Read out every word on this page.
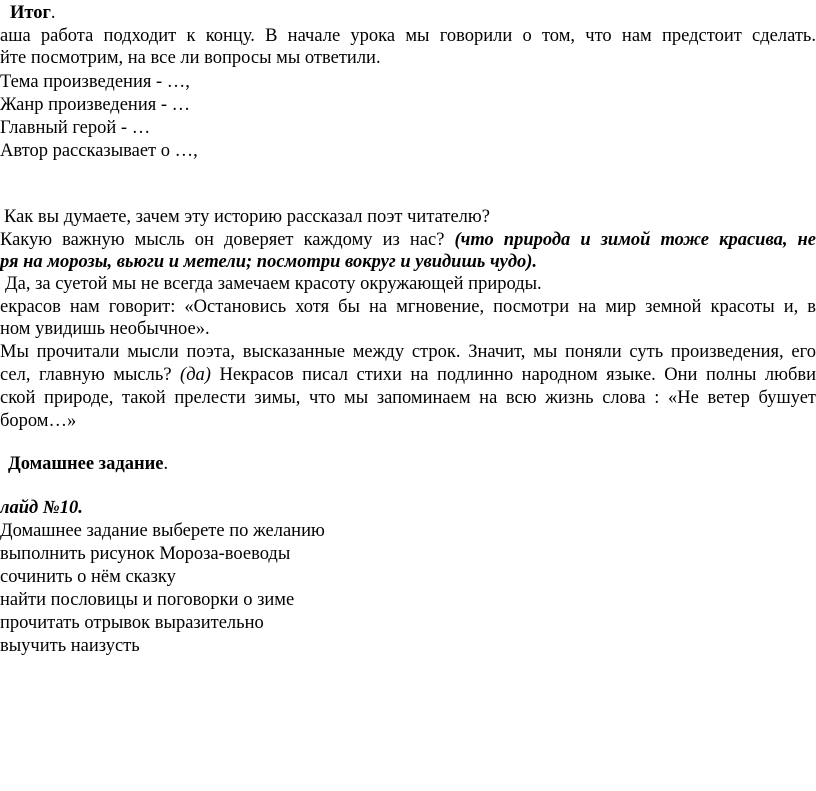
Итог.
аша работа подходит к концу. В начале урока мы говорили о том, что нам предстоит сделать.
йте посмотрим, на все ли вопросы мы ответили.
Тема произведения - …,
Жанр произведения - …
Главный герой - …
Автор рассказывает о …,
Как вы думаете, зачем эту историю рассказал поэт читателю?
Какую важную мысль он доверяет каждому из нас? (что природа и зимой тоже красива, не
ря на морозы, вьюги и метели; посмотри вокруг и увидишь чудо).
Да, за суетой мы не всегда замечаем красоту окружающей природы.
екрасов нам говорит: «Остановись хотя бы на мгновение, посмотри на мир земной красоты и, в
ном увидишь необычное».
Мы прочитали мысли поэта, высказанные между строк. Значит, мы поняли суть произведения, его
сел, главную мысль? (да) Некрасов писал стихи на подлинно народном языке. Они полны любви
ской природе, такой прелести зимы, что мы запоминаем на всю жизнь слова : «Не ветер бушует
бором…»
Домашнее задание.
лайд №10.
Домашнее задание выберете по желанию
выполнить рисунок Мороза-воеводы
сочинить о нём сказку
найти пословицы и поговорки о зиме
прочитать отрывок выразительно
выучить наизусть
